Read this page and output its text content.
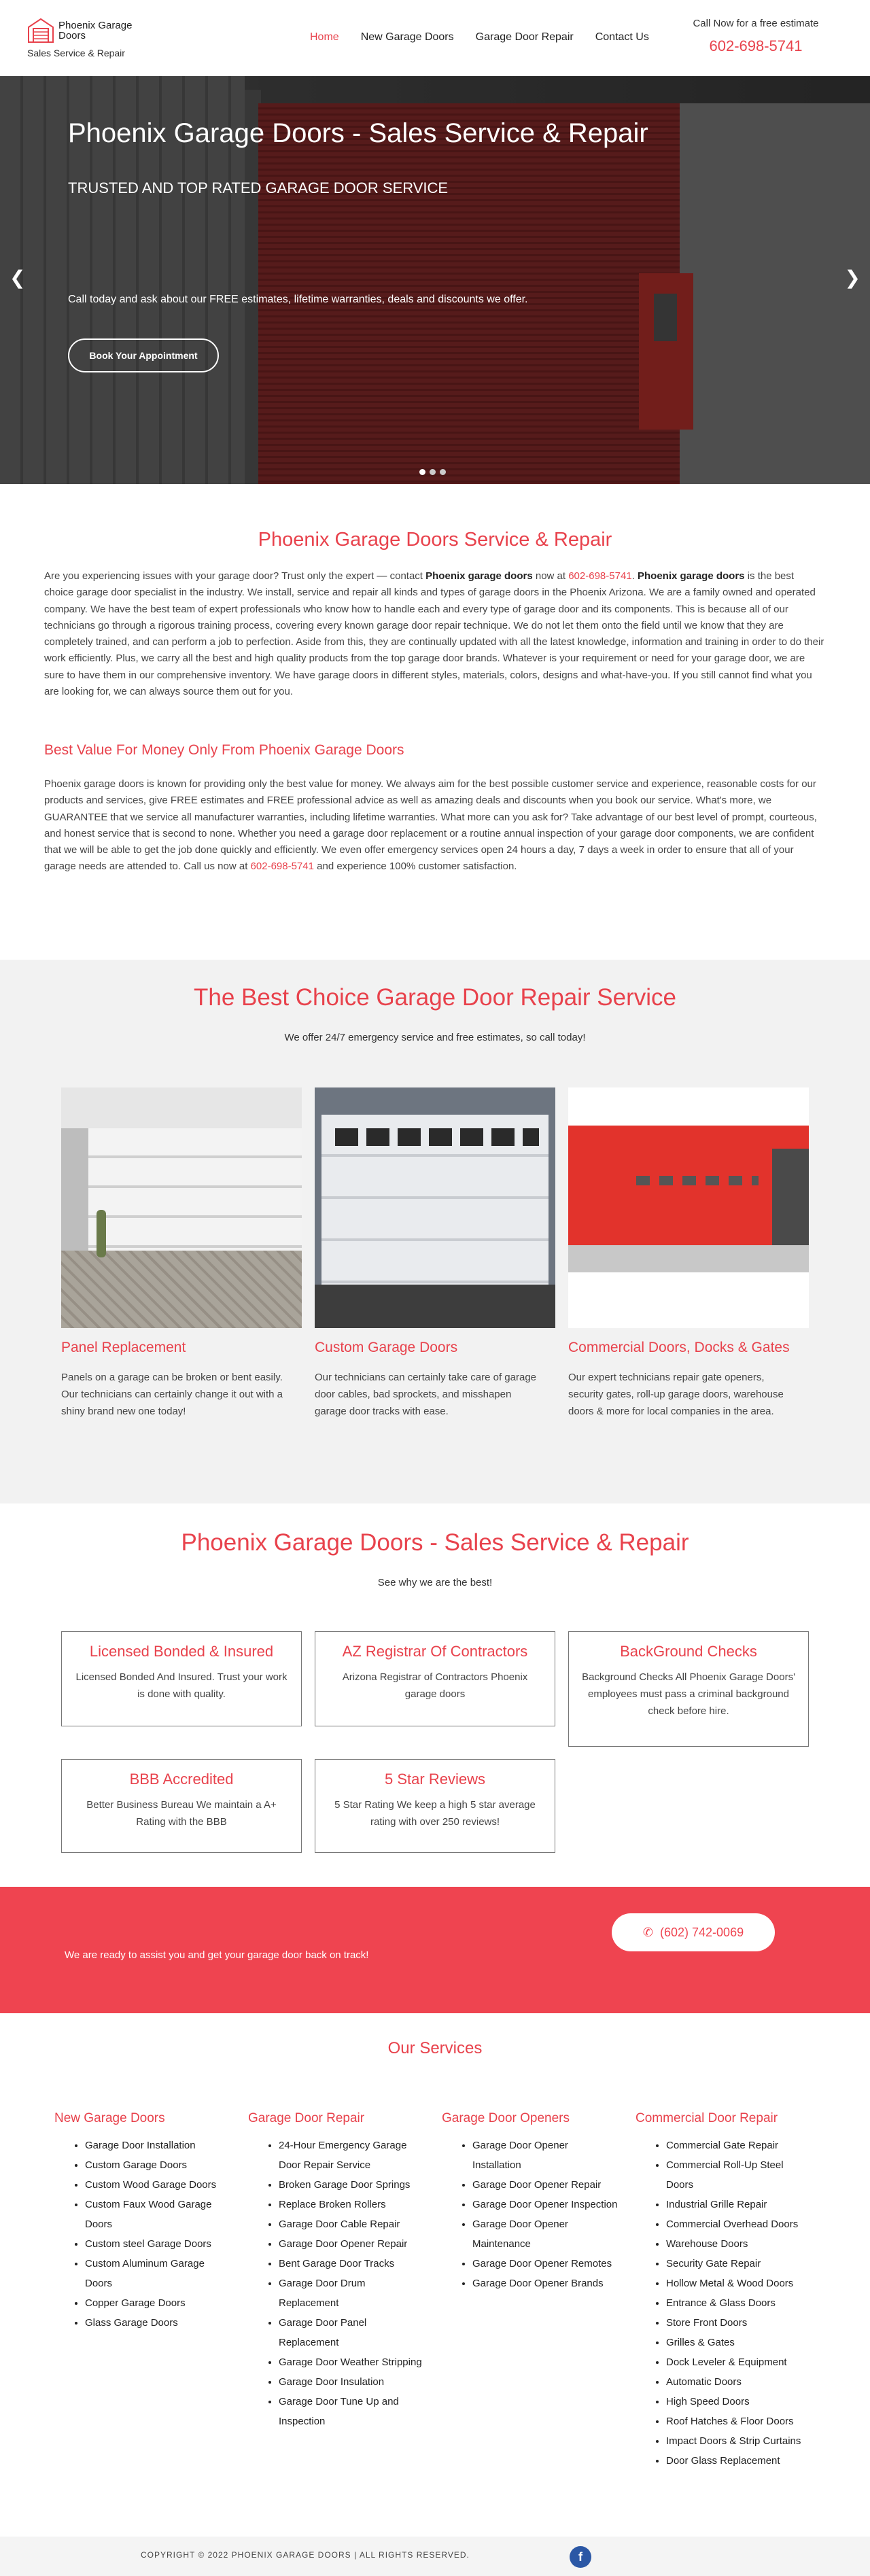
Phoenix Garage Doors
Sales Service & Repair
Home New Garage Doors Garage Door Repair Contact Us
Call Now for a free estimate
602-698-5741
❮	❯
Phoenix Garage Doors - Sales Service & Repair
TRUSTED AND TOP RATED GARAGE DOOR SERVICE
Call today and ask about our FREE estimates, lifetime warranties, deals and discounts we offer.
Book Your Appointment
Phoenix Garage Doors Service & Repair

Are you experiencing issues with your garage door? Trust only the expert — contact Phoenix garage doors now at 602-698-5741. Phoenix garage doors is the best choice garage door specialist in the industry. We install, service and repair all kinds and types of garage doors in the Phoenix Arizona. We are a family owned and operated company. We have the best team of expert professionals who know how to handle each and every type of garage door and its components. This is because all of our technicians go through a rigorous training process, covering every known garage door repair technique. We do not let them onto the field until we know that they are completely trained, and can perform a job to perfection. Aside from this, they are continually updated with all the latest knowledge, information and training in order to do their work efficiently. Plus, we carry all the best and high quality products from the top garage door brands. Whatever is your requirement or need for your garage door, we are sure to have them in our comprehensive inventory. We have garage doors in different styles, materials, colors, designs and what-have-you. If you still cannot find what you are looking for, we can always source them out for you.

Best Value For Money Only From Phoenix Garage Doors

Phoenix garage doors is known for providing only the best value for money. We always aim for the best possible customer service and experience, reasonable costs for our products and services, give FREE estimates and FREE professional advice as well as amazing deals and discounts when you book our service. What's more, we GUARANTEE that we service all manufacturer warranties, including lifetime warranties. What more can you ask for? Take advantage of our best level of prompt, courteous, and honest service that is second to none. Whether you need a garage door replacement or a routine annual inspection of your garage door components, we are confident that we will be able to get the job done quickly and efficiently. We even offer emergency services open 24 hours a day, 7 days a week in order to ensure that all of your garage needs are attended to. Call us now at 602-698-5741 and experience 100% customer satisfaction.

The Best Choice Garage Door Repair Service
We offer 24/7 emergency service and free estimates, so call today!
Panel Replacement
Panels on a garage can be broken or bent easily. Our technicians can certainly change it out with a shiny brand new one today!
Custom Garage Doors
Our technicians can certainly take care of garage door cables, bad sprockets, and misshapen garage door tracks with ease.
Commercial Doors, Docks & Gates
Our expert technicians repair gate openers, security gates, roll-up garage doors, warehouse doors & more for local companies in the area.
Phoenix Garage Doors - Sales Service & Repair
See why we are the best!
Licensed Bonded & Insured
Licensed Bonded And Insured. Trust your work is done with quality.
AZ Registrar Of Contractors
Arizona Registrar of Contractors Phoenix garage doors
BackGround Checks
Background Checks All Phoenix Garage Doors' employees must pass a criminal background check before hire.
BBB Accredited
Better Business Bureau We maintain a A+ Rating with the BBB
5 Star Reviews
5 Star Rating We keep a high 5 star average rating with over 250 reviews!
We are ready to assist you and get your garage door back on track!
✆ (602) 742-0069
Our Services
New Garage Doors
• Garage Door Installation
• Custom Garage Doors
• Custom Wood Garage Doors
• Custom Faux Wood Garage Doors
• Custom steel Garage Doors
• Custom Aluminum Garage Doors
• Copper Garage Doors
• Glass Garage Doors
Garage Door Repair
• 24-Hour Emergency Garage Door Repair Service
• Broken Garage Door Springs
• Replace Broken Rollers
• Garage Door Cable Repair
• Garage Door Opener Repair
• Bent Garage Door Tracks
• Garage Door Drum Replacement
• Garage Door Panel Replacement
• Garage Door Weather Stripping
• Garage Door Insulation
• Garage Door Tune Up and Inspection
Garage Door Openers
• Garage Door Opener Installation
• Garage Door Opener Repair
• Garage Door Opener Inspection
• Garage Door Opener Maintenance
• Garage Door Opener Remotes
• Garage Door Opener Brands
Commercial Door Repair
• Commercial Gate Repair
• Commercial Roll-Up Steel Doors
• Industrial Grille Repair
• Commercial Overhead Doors
• Warehouse Doors
• Security Gate Repair
• Hollow Metal & Wood Doors
• Entrance & Glass Doors
• Store Front Doors
• Grilles & Gates
• Dock Leveler & Equipment
• Automatic Doors
• High Speed Doors
• Roof Hatches & Floor Doors
• Impact Doors & Strip Curtains
• Door Glass Replacement
COPYRIGHT © 2022 PHOENIX GARAGE DOORS | ALL RIGHTS RESERVED.	f
